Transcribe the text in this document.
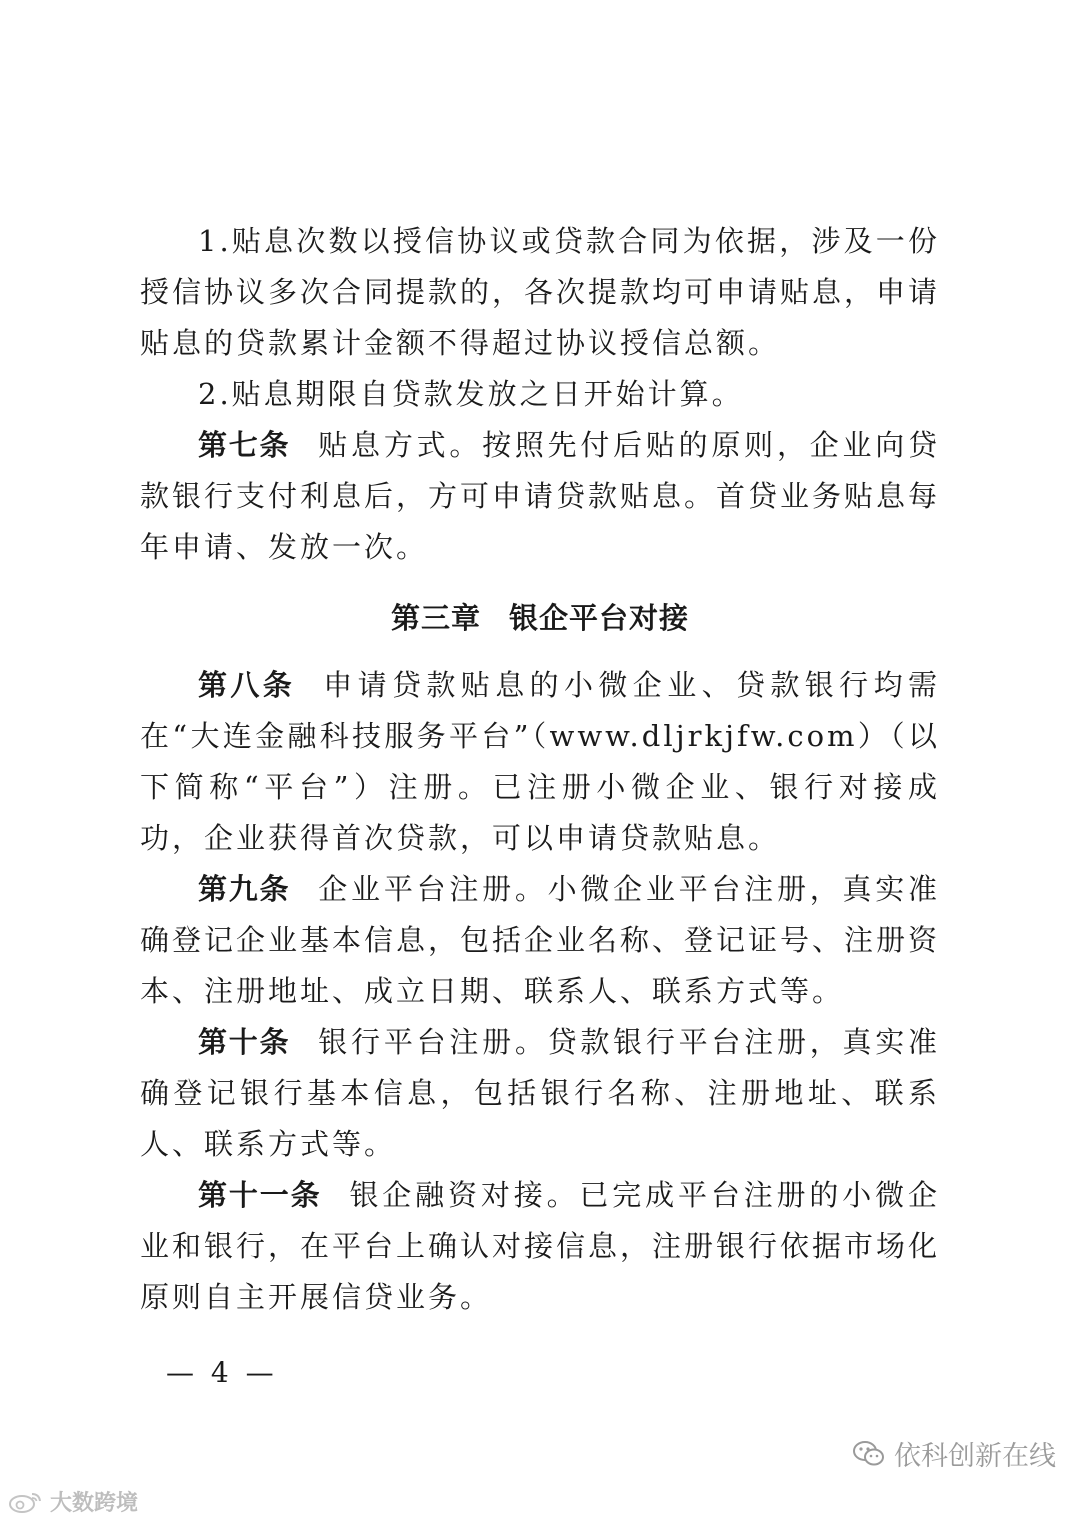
1.贴息次数以授信协议或贷款合同为依据，涉及一份授信协议多次合同提款的，各次提款均可申请贴息，申请贴息的贷款累计金额不得超过协议授信总额。

2.贴息期限自贷款发放之日开始计算。

第七条 贴息方式。按照先付后贴的原则，企业向贷款银行支付利息后，方可申请贷款贴息。首贷业务贴息每年申请、发放一次。

第三章 银企平台对接

第八条 申请贷款贴息的小微企业、贷款银行均需在“大连金融科技服务平台”（www.dljrkjfw.com）（以下简称“平台”）注册。已注册小微企业、银行对接成功，企业获得首次贷款，可以申请贷款贴息。

第九条 企业平台注册。小微企业平台注册，真实准确登记企业基本信息，包括企业名称、登记证号、注册资本、注册地址、成立日期、联系人、联系方式等。

第十条 银行平台注册。贷款银行平台注册，真实准确登记银行基本信息，包括银行名称、注册地址、联系人、联系方式等。

第十一条 银企融资对接。已完成平台注册的小微企业和银行，在平台上确认对接信息，注册银行依据市场化原则自主开展信贷业务。

— 4 —
依科创新在线
大数跨境
